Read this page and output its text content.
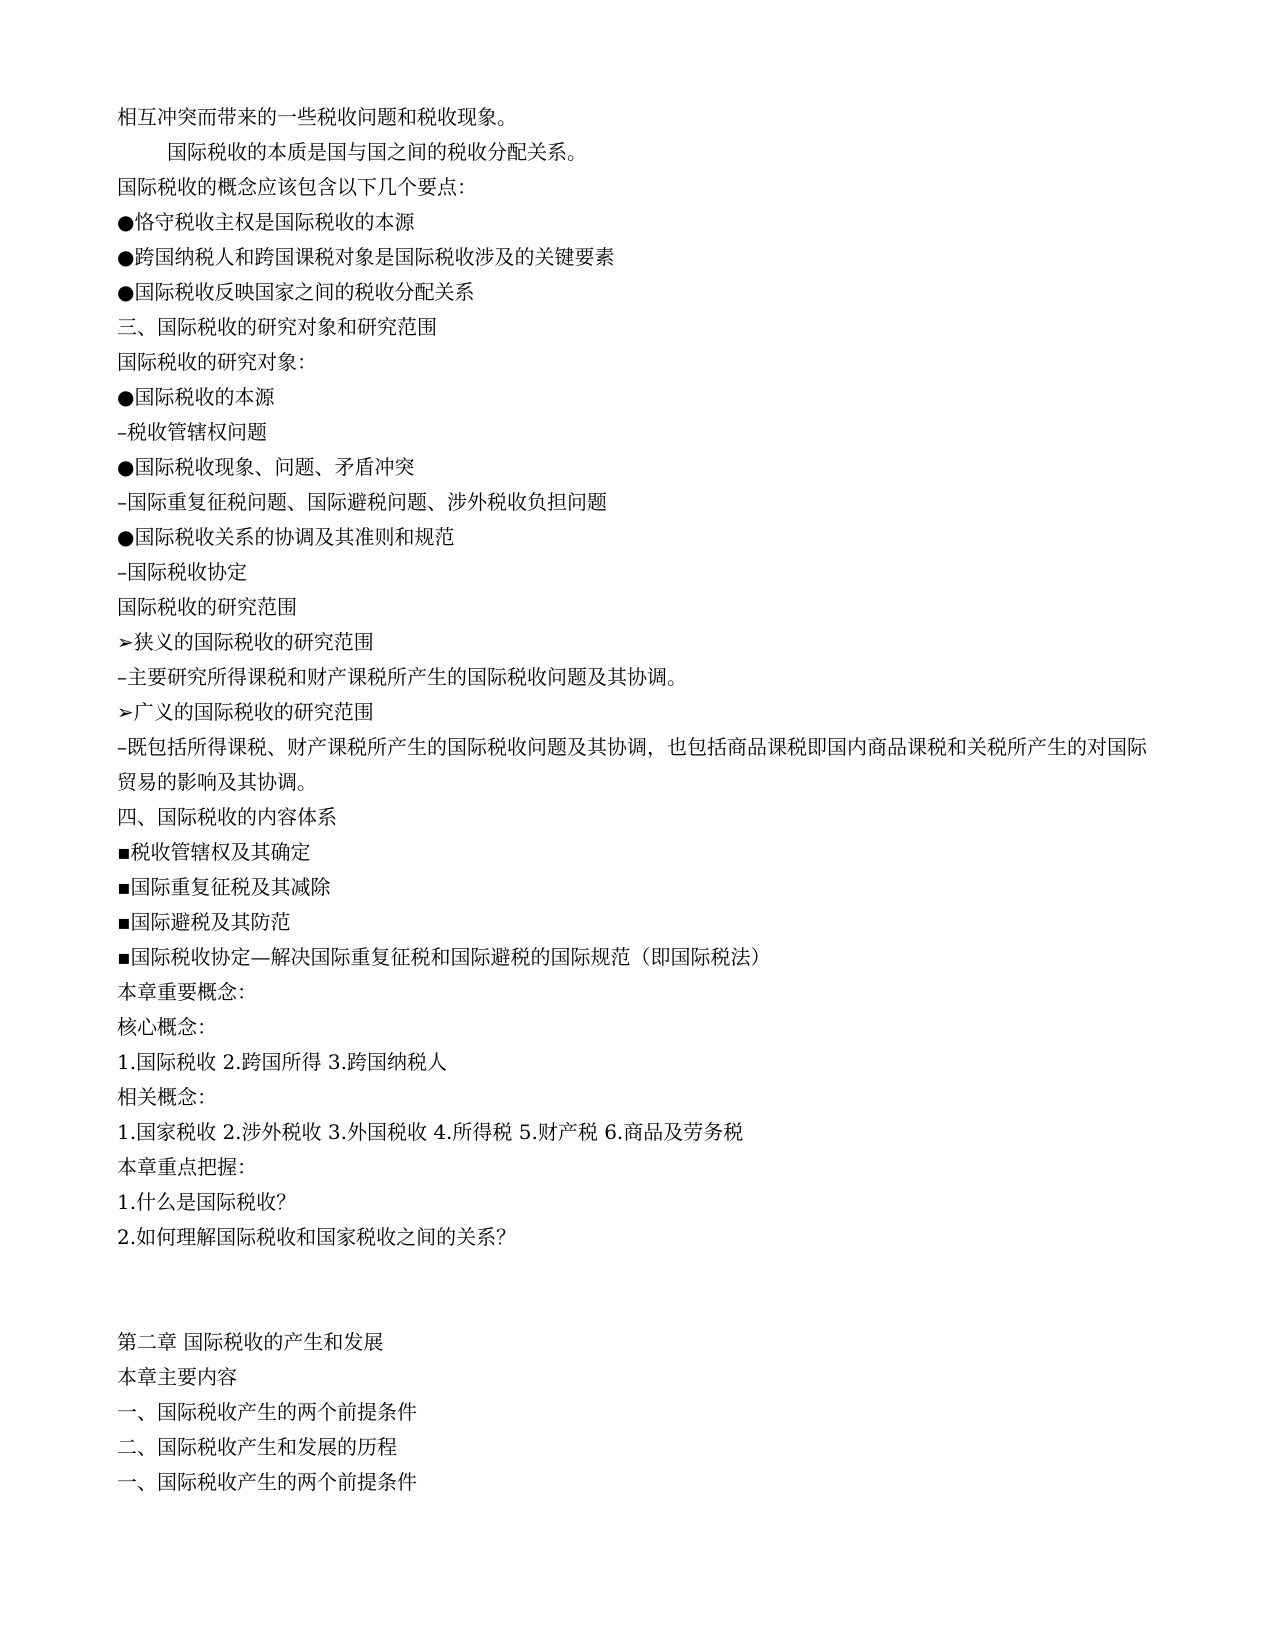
相互冲突而带来的一些税收问题和税收现象。
国际税收的本质是国与国之间的税收分配关系。
国际税收的概念应该包含以下几个要点：
●恪守税收主权是国际税收的本源
●跨国纳税人和跨国课税对象是国际税收涉及的关键要素
●国际税收反映国家之间的税收分配关系
三、国际税收的研究对象和研究范围
国际税收的研究对象：
●国际税收的本源
–税收管辖权问题
●国际税收现象、问题、矛盾冲突
–国际重复征税问题、国际避税问题、涉外税收负担问题
●国际税收关系的协调及其准则和规范
–国际税收协定
国际税收的研究范围
➢狭义的国际税收的研究范围
–主要研究所得课税和财产课税所产生的国际税收问题及其协调。
➢广义的国际税收的研究范围
–既包括所得课税、财产课税所产生的国际税收问题及其协调，也包括商品课税即国内商品课税和关税所产生的对国际贸易的影响及其协调。
四、国际税收的内容体系
▪税收管辖权及其确定
▪国际重复征税及其减除
▪国际避税及其防范
▪国际税收协定—解决国际重复征税和国际避税的国际规范（即国际税法）
本章重要概念：
核心概念：
1.国际税收 2.跨国所得 3.跨国纳税人
相关概念：
1.国家税收 2.涉外税收 3.外国税收 4.所得税 5.财产税 6.商品及劳务税
本章重点把握：
1.什么是国际税收？
2.如何理解国际税收和国家税收之间的关系？
第二章 国际税收的产生和发展
本章主要内容
一、国际税收产生的两个前提条件
二、国际税收产生和发展的历程
一、国际税收产生的两个前提条件
